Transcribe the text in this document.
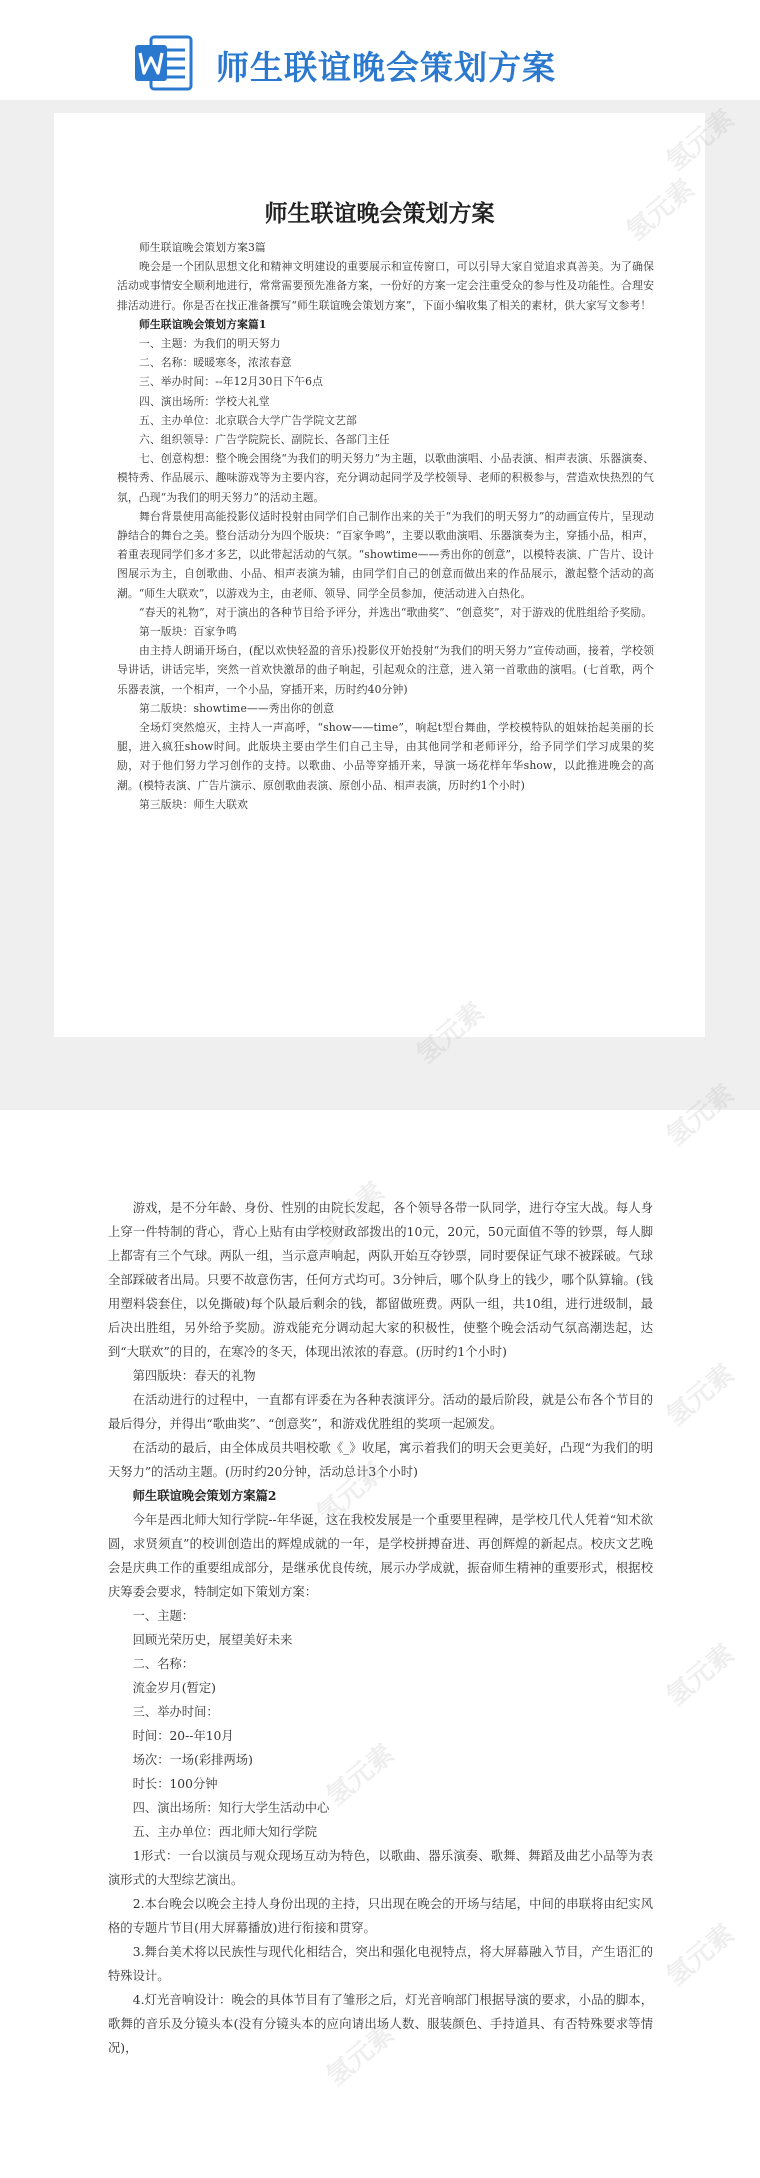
师生联谊晚会策划方案
师生联谊晚会策划方案

师生联谊晚会策划方案3篇

晚会是一个团队思想文化和精神文明建设的重要展示和宣传窗口，可以引导大家自觉追求真善美。为了确保活动或事情安全顺利地进行，常常需要预先准备方案，一份好的方案一定会注重受众的参与性及功能性。合理安排活动进行。你是否在找正准备撰写“师生联谊晚会策划方案”，下面小编收集了相关的素材，供大家写文参考！

师生联谊晚会策划方案篇1

一、主题：为我们的明天努力

二、名称：暖暖寒冬，浓浓春意

三、举办时间：--年12月30日下午6点

四、演出场所：学校大礼堂

五、主办单位：北京联合大学广告学院文艺部

六、组织领导：广告学院院长、副院长、各部门主任

七、创意构想：整个晚会围绕“为我们的明天努力”为主题，以歌曲演唱、小品表演、相声表演、乐器演奏、模特秀、作品展示、趣味游戏等为主要内容，充分调动起同学及学校领导、老师的积极参与，营造欢快热烈的气氛，凸现“为我们的明天努力”的活动主题。

舞台背景使用高能投影仪适时投射由同学们自己制作出来的关于“为我们的明天努力”的动画宣传片，呈现动静结合的舞台之美。整台活动分为四个版块：“百家争鸣”，主要以歌曲演唱、乐器演奏为主，穿插小品，相声，着重表现同学们多才多艺，以此带起活动的气氛。“showtime——秀出你的创意”，以模特表演、广告片、设计图展示为主，自创歌曲、小品、相声表演为辅，由同学们自己的创意而做出来的作品展示，激起整个活动的高潮。“师生大联欢”，以游戏为主，由老师、领导、同学全员参加，使活动进入白热化。

“春天的礼物”，对于演出的各种节目给予评分，并选出“歌曲奖”、“创意奖”，对于游戏的优胜组给予奖励。

第一版块：百家争鸣

由主持人朗诵开场白，(配以欢快轻盈的音乐)投影仪开始投射“为我们的明天努力”宣传动画，接着，学校领导讲话，讲话完毕，突然一首欢快激昂的曲子响起，引起观众的注意，进入第一首歌曲的演唱。(七首歌，两个乐器表演，一个相声，一个小品，穿插开来，历时约40分钟)

第二版块：showtime——秀出你的创意

全场灯突然熄灭，主持人一声高呼，“show——time”，响起t型台舞曲，学校模特队的姐妹抬起美丽的长腿，进入疯狂show时间。此版块主要由学生们自己主导，由其他同学和老师评分，给予同学们学习成果的奖励，对于他们努力学习创作的支持。以歌曲、小品等穿插开来，导演一场花样年华show，以此推进晚会的高潮。(模特表演、广告片演示、原创歌曲表演、原创小品、相声表演，历时约1个小时)

第三版块：师生大联欢

　　游戏，是不分年龄、身份、性别的由院长发起，各个领导各带一队同学，进行夺宝大战。每人身上穿一件特制的背心，背心上贴有由学校财政部拨出的10元，20元，50元面值不等的钞票，每人脚上都寄有三个气球。两队一组，当示意声响起，两队开始互夺钞票，同时要保证气球不被踩破。气球全部踩破者出局。只要不故意伤害，任何方式均可。3分钟后，哪个队身上的钱少，哪个队算输。(钱用塑料袋套住，以免撕破)每个队最后剩余的钱，都留做班费。两队一组，共10组，进行进级制，最后决出胜组，另外给予奖励。游戏能充分调动起大家的积极性，使整个晚会活动气氛高潮迭起，达到“大联欢”的目的，在寒冷的冬天，体现出浓浓的春意。(历时约1个小时)

　　第四版块：春天的礼物

　　在活动进行的过程中，一直都有评委在为各种表演评分。活动的最后阶段，就是公布各个节目的最后得分，并得出“歌曲奖”、“创意奖”，和游戏优胜组的奖项一起颁发。

　　在活动的最后，由全体成员共唱校歌《_》收尾，寓示着我们的明天会更美好，凸现“为我们的明天努力”的活动主题。(历时约20分钟，活动总计3个小时)

　　师生联谊晚会策划方案篇2

　　今年是西北师大知行学院--年华诞，这在我校发展是一个重要里程碑，是学校几代人凭着“知术欲圆，求贤须直”的校训创造出的辉煌成就的一年，是学校拼搏奋进、再创辉煌的新起点。校庆文艺晚会是庆典工作的重要组成部分，是继承优良传统，展示办学成就，振奋师生精神的重要形式，根据校庆筹委会要求，特制定如下策划方案：

　　一、主题：

　　回顾光荣历史，展望美好未来

　　二、名称：

　　流金岁月(暂定)

　　三、举办时间：

　　时间：20--年10月

　　场次：一场(彩排两场)

　　时长：100分钟

　　四、演出场所：知行大学生活动中心

　　五、主办单位：西北师大知行学院

　　1形式：一台以演员与观众现场互动为特色，以歌曲、器乐演奏、歌舞、舞蹈及曲艺小品等为表演形式的大型综艺演出。

　　2.本台晚会以晚会主持人身份出现的主持，只出现在晚会的开场与结尾，中间的串联将由纪实风格的专题片节目(用大屏幕播放)进行衔接和贯穿。

　　3.舞台美术将以民族性与现代化相结合，突出和强化电视特点，将大屏幕融入节目，产生语汇的特殊设计。

　　4.灯光音响设计：晚会的具体节目有了雏形之后，灯光音响部门根据导演的要求，小品的脚本，歌舞的音乐及分镜头本(没有分镜头本的应向请出场人数、服装颜色、手持道具、有否特殊要求等情况)，

氢元素
氢元素
氢元素
氢元素
氢元素
氢元素
氢元素
氢元素
氢元素
氢元素
氢元素
